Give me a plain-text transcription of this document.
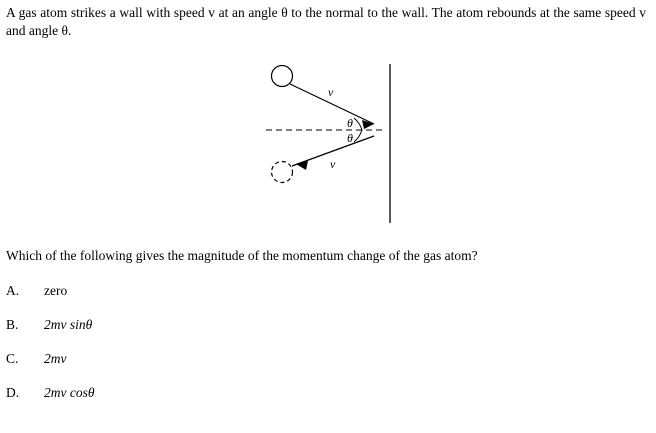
A gas atom strikes a wall with speed v at an angle θ to the normal to the wall. The atom rebounds at the same speed v and angle θ.
θ
θ
v
v
Which of the following gives the magnitude of the momentum change of the gas atom?
A.	zero
B.	2mv sinθ
C.	2mv
D.	2mv cosθ
